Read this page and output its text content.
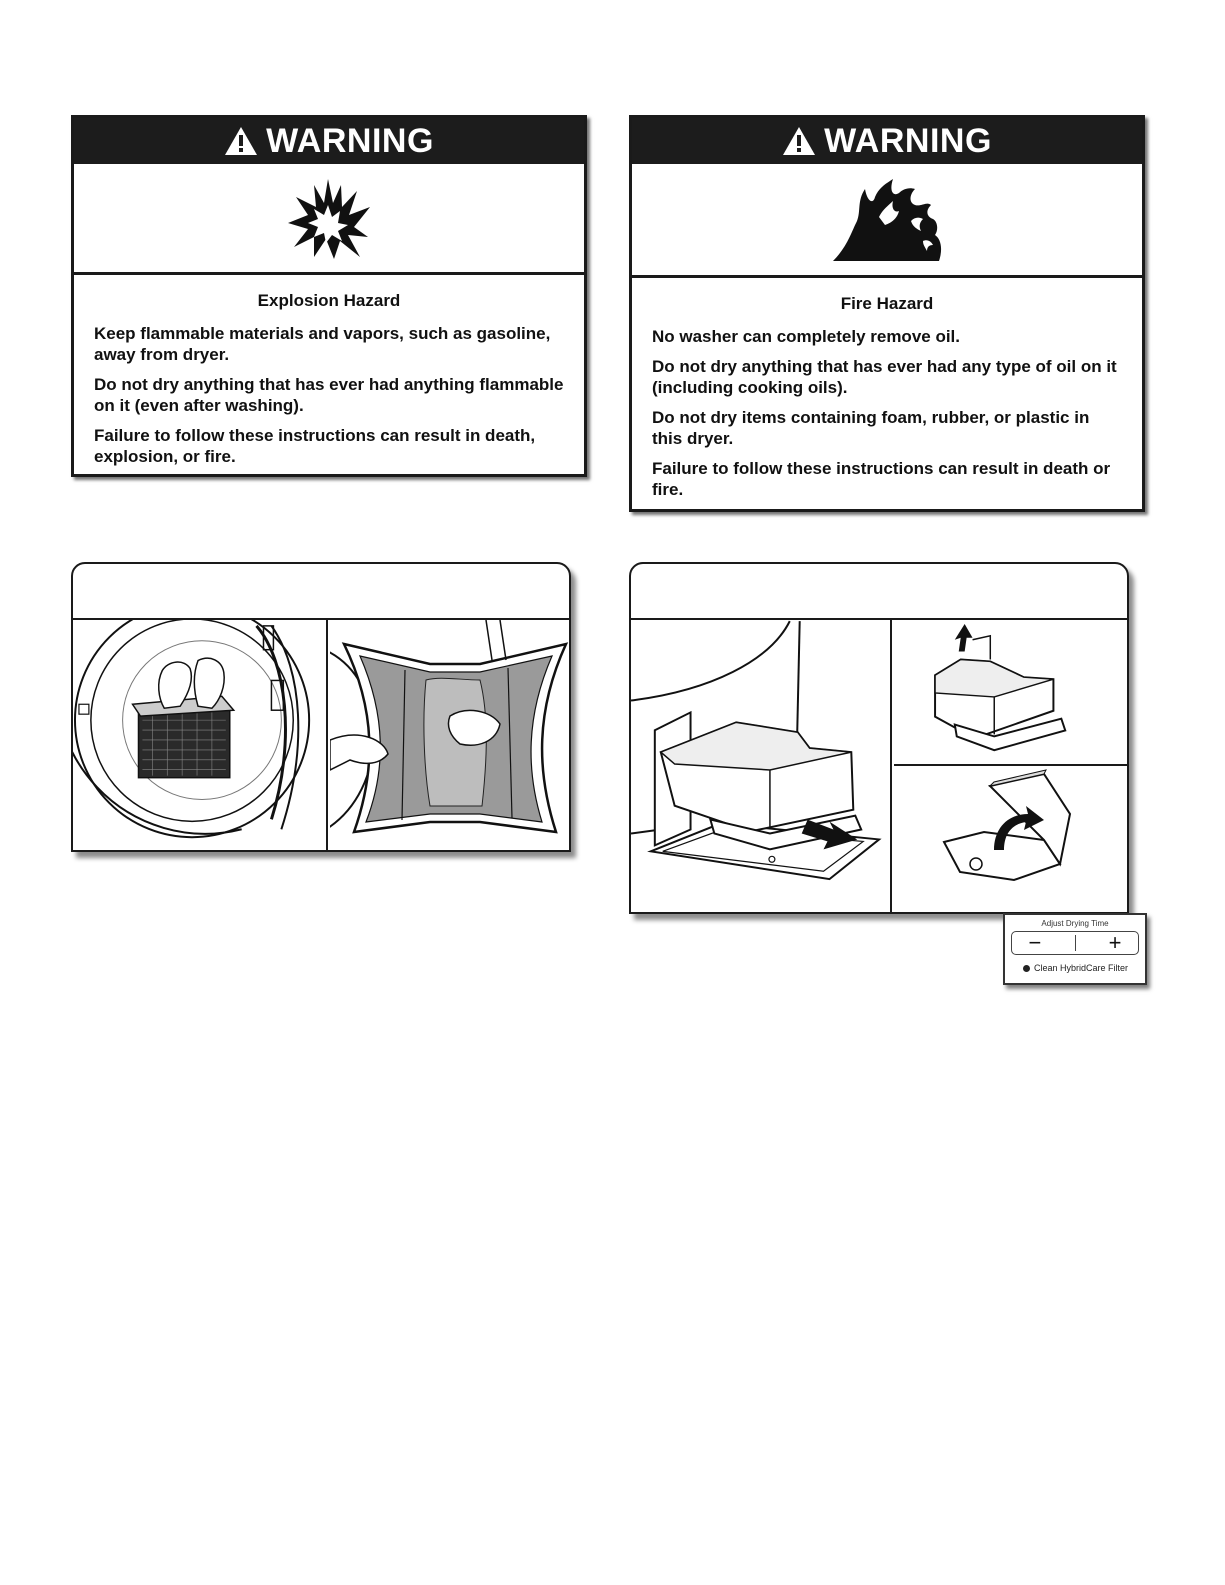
WARNING

Explosion Hazard

Keep flammable materials and vapors, such as gasoline, away from dryer.

Do not dry anything that has ever had anything flammable on it (even after washing).

Failure to follow these instructions can result in death, explosion, or fire.

WARNING

Fire Hazard

No washer can completely remove oil.

Do not dry anything that has ever had any type of oil on it (including cooking oils).

Do not dry items containing foam, rubber, or plastic in this dryer.

Failure to follow these instructions can result in death or fire.

Adjust Drying Time
−	+
Clean HybridCare Filter
